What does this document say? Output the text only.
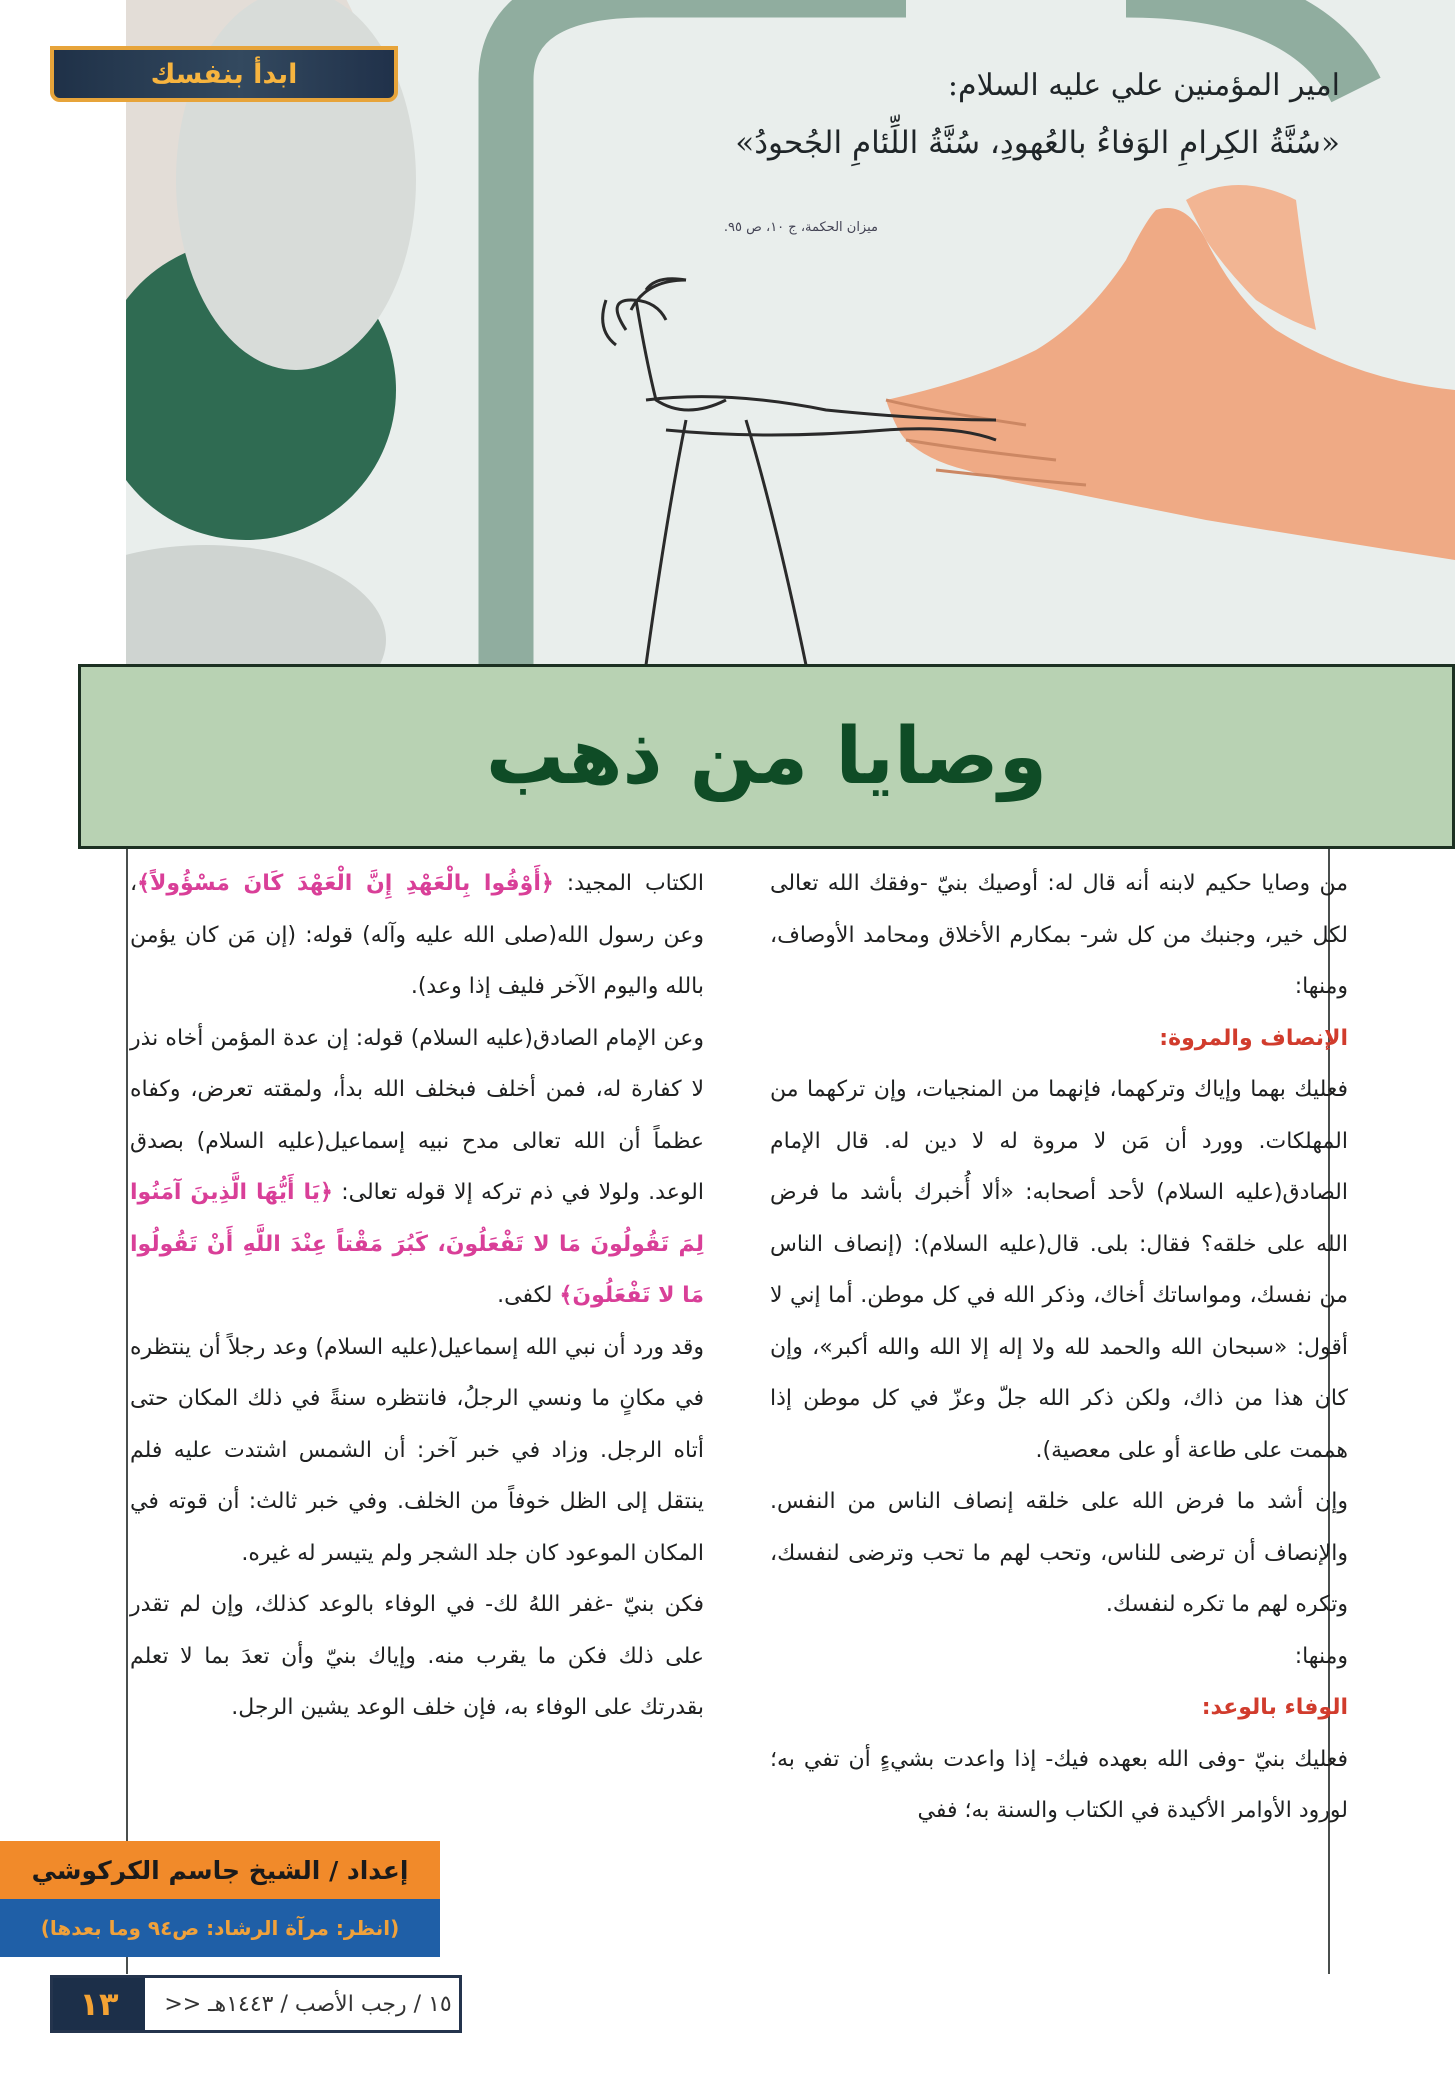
ابدأ بنفسك	امير المؤمنين علي عليه السلام:
«سُنَّةُ الكِرامِ الوَفاءُ بالعُهودِ، سُنَّةُ اللِّئامِ الجُحودُ»
ميزان الحكمة، ج ١٠، ص ٩٥.
وصايا من ذهب

من وصايا حكيم لابنه أنه قال له: أوصيك بنيّ -وفقك الله تعالى لكل خير، وجنبك من كل شر- بمكارم الأخلاق ومحامد الأوصاف، ومنها:

الإنصاف والمروة:

فعليك بهما وإياك وتركهما، فإنهما من المنجيات، وإن تركهما من المهلكات. وورد أن مَن لا مروة له لا دين له. قال الإمام الصادق(عليه السلام) لأحد أصحابه: «ألا أُخبرك بأشد ما فرض الله على خلقه؟ فقال: بلى. قال(عليه السلام): (إنصاف الناس من نفسك، ومواساتك أخاك، وذكر الله في كل موطن. أما إني لا أقول: «سبحان الله والحمد لله ولا إله إلا الله والله أكبر»، وإن كان هذا من ذاك، ولكن ذكر الله جلّ وعزّ في كل موطن إذا هممت على طاعة أو على معصية).

وإن أشد ما فرض الله على خلقه إنصاف الناس من النفس. والإنصاف أن ترضى للناس، وتحب لهم ما تحب وترضى لنفسك، وتكره لهم ما تكره لنفسك.

ومنها:

الوفاء بالوعد:

فعليك بنيّ -وفى الله بعهده فيك- إذا واعدت بشيءٍ أن تفي به؛ لورود الأوامر الأكيدة في الكتاب والسنة به؛ ففي

الكتاب المجيد: ﴿أَوْفُوا بِالْعَهْدِ إِنَّ الْعَهْدَ كَانَ مَسْؤُولاً﴾، وعن رسول الله(صلى الله عليه وآله) قوله: (إن مَن كان يؤمن بالله واليوم الآخر فليف إذا وعد).

وعن الإمام الصادق(عليه السلام) قوله: إن عدة المؤمن أخاه نذر لا كفارة له، فمن أخلف فبخلف الله بدأ، ولمقته تعرض، وكفاه عظماً أن الله تعالى مدح نبيه إسماعيل(عليه السلام) بصدق الوعد. ولولا في ذم تركه إلا قوله تعالى: ﴿يَا أَيُّهَا الَّذِينَ آمَنُوا لِمَ تَقُولُونَ مَا لا تَفْعَلُونَ، كَبُرَ مَقْتاً عِنْدَ اللَّهِ أَنْ تَقُولُوا مَا لا تَفْعَلُونَ﴾ لكفى.

وقد ورد أن نبي الله إسماعيل(عليه السلام) وعد رجلاً أن ينتظره في مكانٍ ما ونسي الرجلُ، فانتظره سنةً في ذلك المكان حتى أتاه الرجل. وزاد في خبر آخر: أن الشمس اشتدت عليه فلم ينتقل إلى الظل خوفاً من الخلف. وفي خبر ثالث: أن قوته في المكان الموعود كان جلد الشجر ولم يتيسر له غيره.

فكن بنيّ -غفر اللهُ لك- في الوفاء بالوعد كذلك، وإن لم تقدر على ذلك فكن ما يقرب منه. وإياك بنيّ وأن تعدَ بما لا تعلم بقدرتك على الوفاء به، فإن خلف الوعد يشين الرجل.

إعداد / الشيخ جاسم الكركوشي
(انظر: مرآة الرشاد: ص٩٤ وما بعدها)
١٣	١٥ / رجب الأصب / ١٤٤٣هـ <<
